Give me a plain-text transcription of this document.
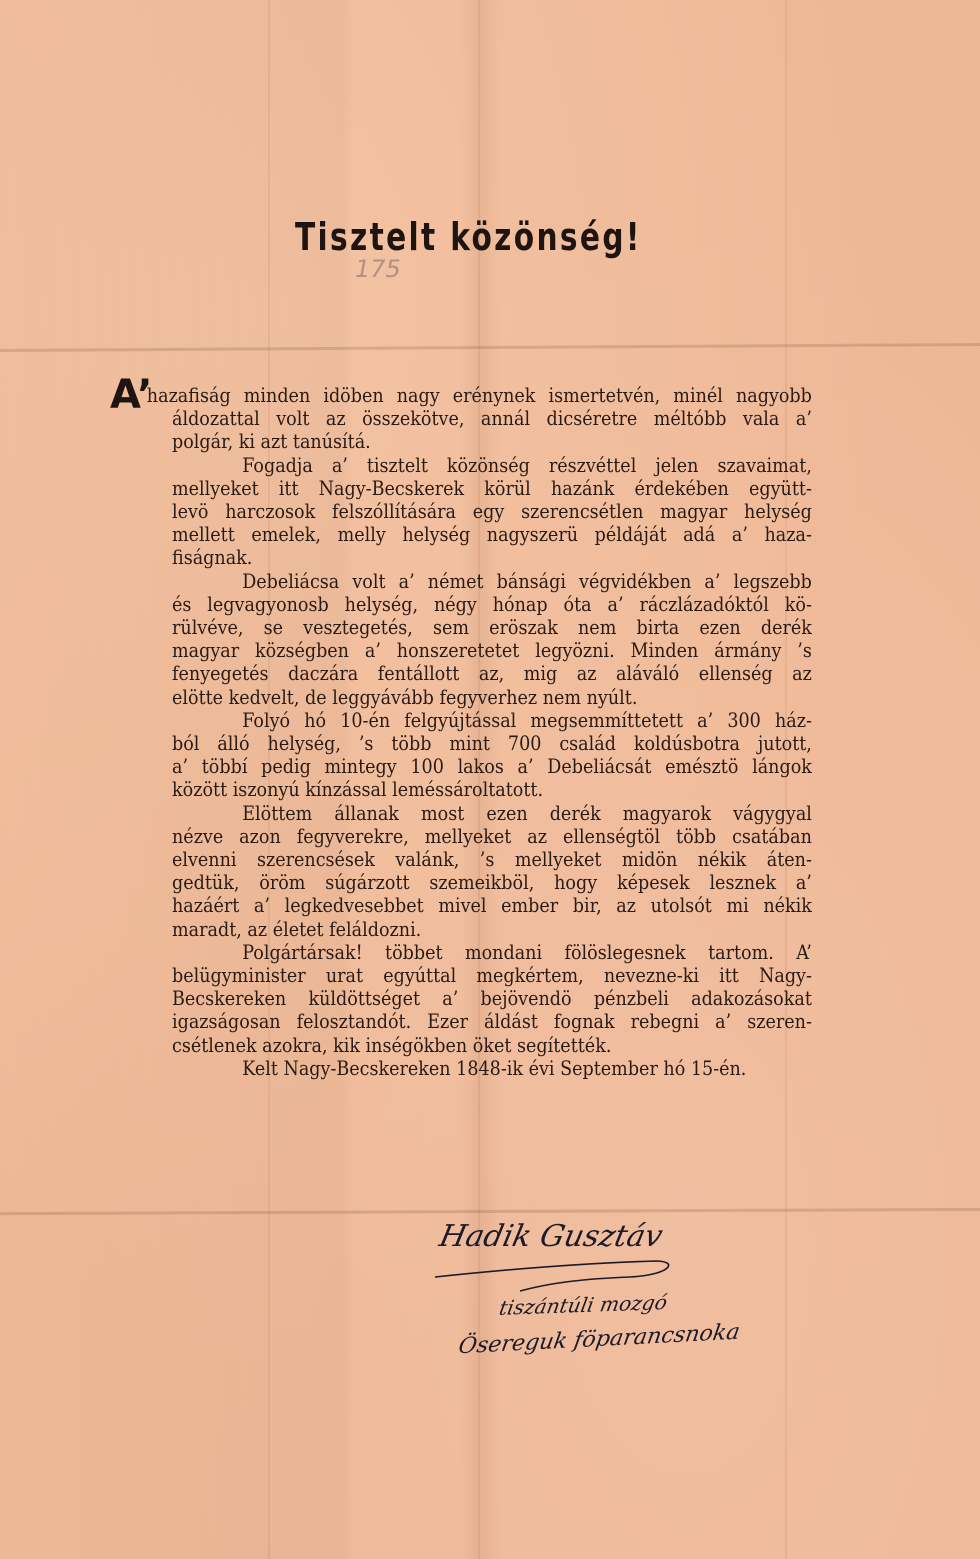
Tisztelt közönség!
175
A’

hazafiság minden idöben nagy erénynek ismertetvén, minél nagyobb
áldozattal volt az összekötve, annál dicséretre méltóbb vala a’
polgár, ki azt tanúsítá.

Fogadja a’ tisztelt közönség részvéttel jelen szavaimat,
mellyeket itt Nagy-Becskerek körül hazánk érdekében együtt-
levö harczosok felszóllítására egy szerencsétlen magyar helység
mellett emelek, melly helység nagyszerü példáját adá a’ haza-
fiságnak.

Debeliácsa volt a’ német bánsági végvidékben a’ legszebb
és legvagyonosb helység, négy hónap óta a’ ráczlázadóktól kö-
rülvéve, se vesztegetés, sem eröszak nem birta ezen derék
magyar községben a’ honszeretetet legyözni. Minden ármány ’s
fenyegetés daczára fentállott az, mig az aláváló ellenség az
elötte kedvelt, de leggyávább fegyverhez nem nyúlt.

Folyó hó 10-én felgyújtással megsemmíttetett a’ 300 ház-
ból álló helység, ’s több mint 700 család koldúsbotra jutott,
a’ többí pedig mintegy 100 lakos a’ Debeliácsát emésztö lángok
között iszonyú kínzással leméssároltatott.

Elöttem állanak most ezen derék magyarok vágygyal
nézve azon fegyverekre, mellyeket az ellenségtöl több csatában
elvenni szerencsések valánk, ’s mellyeket midön nékik áten-
gedtük, öröm súgárzott szemeikböl, hogy képesek lesznek a’
hazáért a’ legkedvesebbet mivel ember bir, az utolsót mi nékik
maradt, az életet feláldozni.

Polgártársak! többet mondani fölöslegesnek tartom. A’
belügyminister urat egyúttal megkértem, nevezne-ki itt Nagy-
Becskereken küldöttséget a’ bejövendö pénzbeli adakozásokat
igazságosan felosztandót. Ezer áldást fognak rebegni a’ szeren-
csétlenek azokra, kik inségökben öket segítették.

Kelt Nagy-Becskereken 1848-ik évi September hó 15-én.

Hadik Gusztáv
tiszántúli mozgó
Ösereguk föparancsnoka
